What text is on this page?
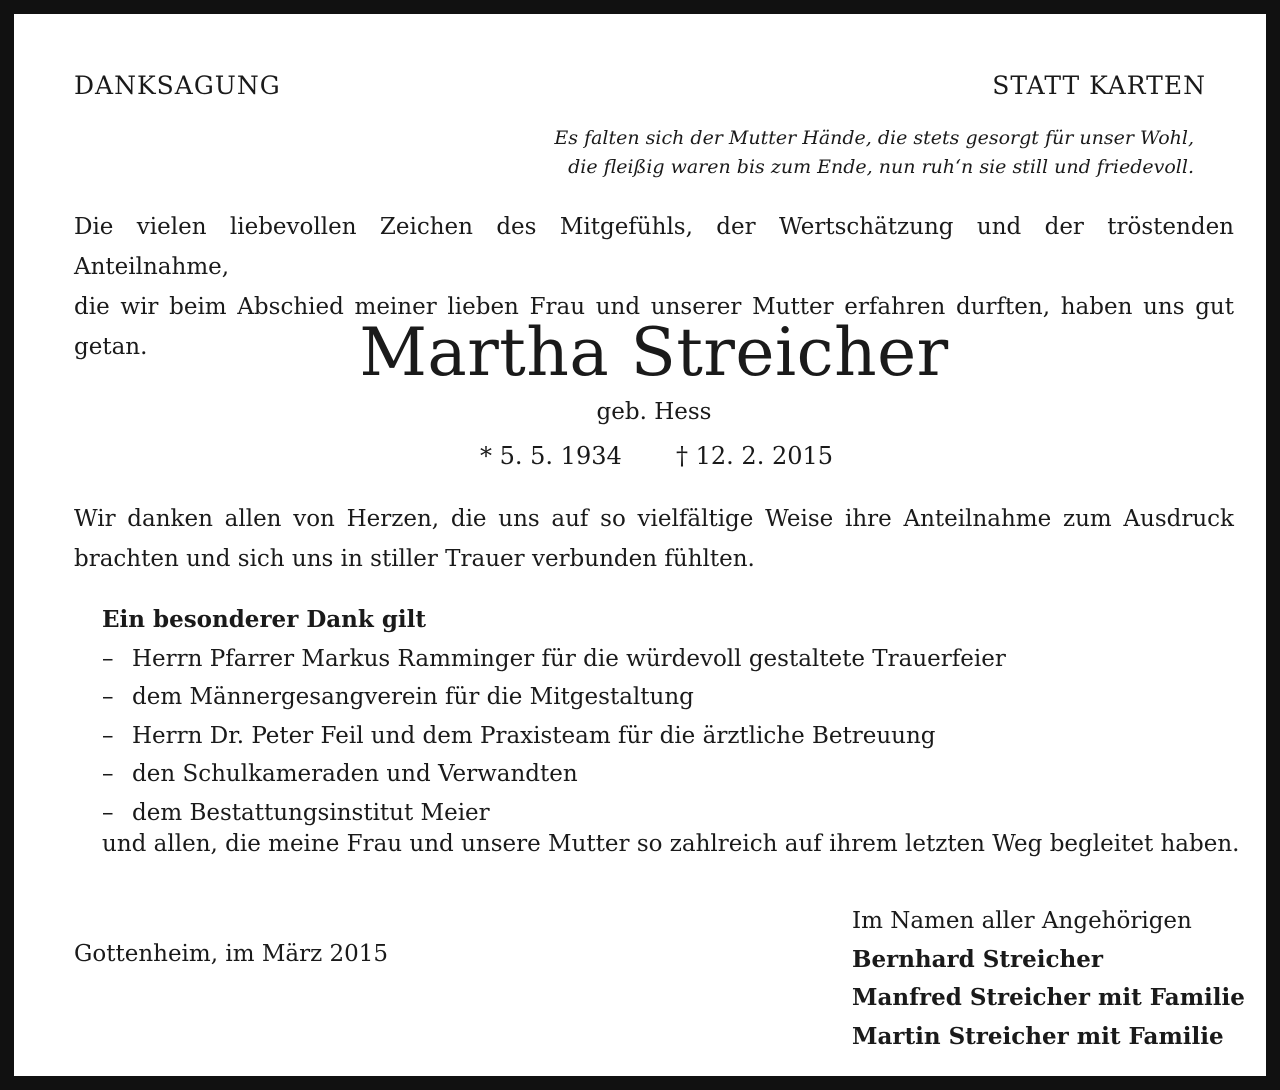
DANKSAGUNG	STATT KARTEN
Es falten sich der Mutter Hände, die stets gesorgt für unser Wohl,
die fleißig waren bis zum Ende, nun ruh‘n sie still und friedevoll.
Die vielen liebevollen Zeichen des Mitgefühls, der Wertschätzung und der tröstenden Anteilnahme,
die wir beim Abschied meiner lieben Frau und unserer Mutter erfahren durften, haben uns gut getan.	Martha Streicher
geb. Hess
* 5. 5. 1934 † 12. 2. 2015
Wir danken allen von Herzen, die uns auf so vielfältige Weise ihre Anteilnahme zum Ausdruck
brachten und sich uns in stiller Trauer verbunden fühlten.
Ein besonderer Dank gilt
– Herrn Pfarrer Markus Ramminger für die würdevoll gestaltete Trauerfeier
– dem Männergesangverein für die Mitgestaltung
– Herrn Dr. Peter Feil und dem Praxisteam für die ärztliche Betreuung
– den Schulkameraden und Verwandten
– dem Bestattungsinstitut Meier
und allen, die meine Frau und unsere Mutter so zahlreich auf ihrem letzten Weg begleitet haben.
Gottenheim, im März 2015
Im Namen aller Angehörigen
Bernhard Streicher
Manfred Streicher mit Familie
Martin Streicher mit Familie
